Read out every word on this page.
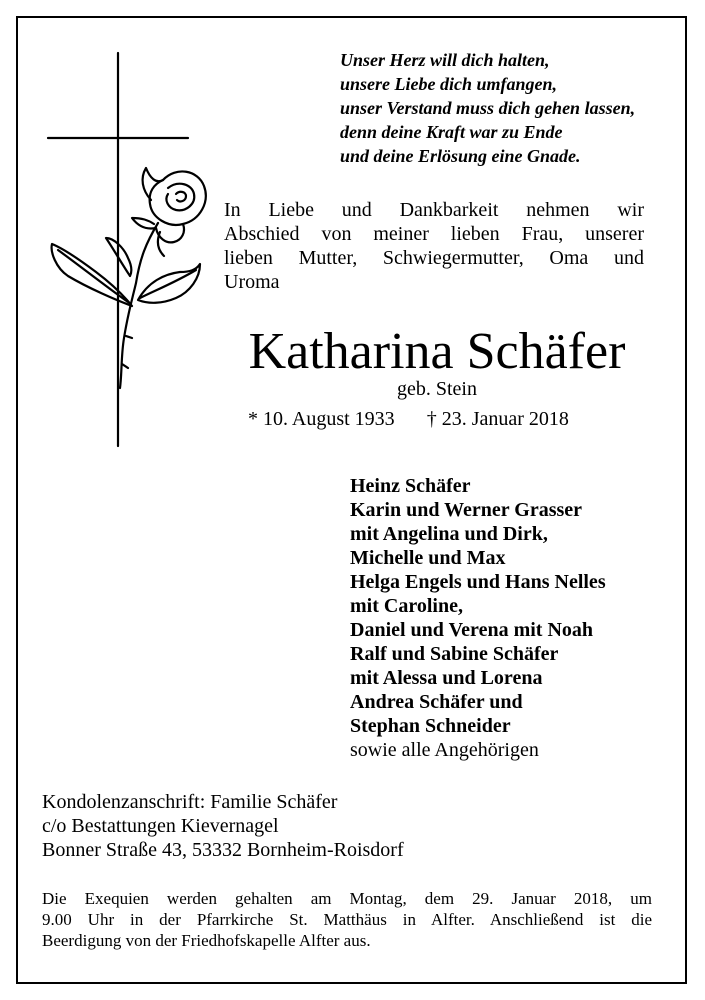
Unser Herz will dich halten,
unsere Liebe dich umfangen,
unser Verstand muss dich gehen lassen,
denn deine Kraft war zu Ende
und deine Erlösung eine Gnade.
In Liebe und Dankbarkeit nehmen wir
Abschied von meiner lieben Frau, unserer
lieben Mutter, Schwiegermutter, Oma und
Uroma
Katharina Schäfer
geb. Stein
* 10. August 1933 † 23. Januar 2018
Heinz Schäfer
Karin und Werner Grasser
mit Angelina und Dirk,
Michelle und Max
Helga Engels und Hans Nelles
mit Caroline,
Daniel und Verena mit Noah
Ralf und Sabine Schäfer
mit Alessa und Lorena
Andrea Schäfer und
Stephan Schneider
sowie alle Angehörigen
Kondolenzanschrift: Familie Schäfer
c/o Bestattungen Kievernagel
Bonner Straße 43, 53332 Bornheim-Roisdorf
Die Exequien werden gehalten am Montag, dem 29. Januar 2018, um
9.00 Uhr in der Pfarrkirche St. Matthäus in Alfter. Anschließend ist die
Beerdigung von der Friedhofskapelle Alfter aus.
